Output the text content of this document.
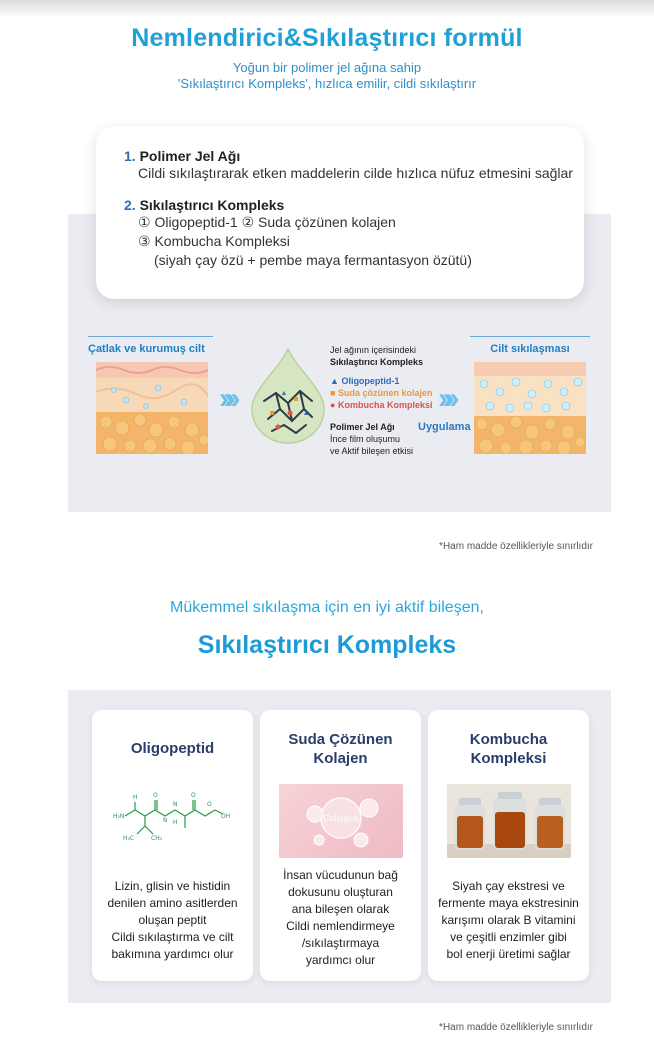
Nemlendirici&Sıkılaştırıcı formül
Yoğun bir polimer jel ağına sahip
'Sıkılaştırıcı Kompleks', hızlıca emilir, cildi sıkılaştırır
1. Polimer Jel Ağı
Cildi sıkılaştırarak etken maddelerin cilde hızlıca nüfuz etmesini sağlar
2. Sıkılaştırıcı Kompleks
① Oligopeptid-1 ② Suda çözünen kolajen
③ Kombucha Kompleksi
(siyah çay özü + pembe maya fermantasyon özütü)
Çatlak ve kurumuş cilt	Cilt sıkılaşması
»»
Jel ağının içerisindeki
Sıkılaştırıcı Kompleks
▲ Oligopeptid-1
■ Suda çözünen kolajen
● Kombucha Kompleksi
Polimer Jel Ağı
İnce film oluşumu
ve Aktif bileşen etkisi
»»
Uygulama
*Ham madde özellikleriyle sınırlıdır
Mükemmel sıkılaşma için en iyi aktif bileşen,
Sıkılaştırıcı Kompleks
Oligopeptid
H₂N
O
H
N
O
N
H
O
OH
H₃C	CH₃
Lizin, glisin ve histidin
denilen amino asitlerden
oluşan peptit
Cildi sıkılaştırma ve cilt
bakımına yardımcı olur
Suda Çözünen
Kolajen
Collagen
İnsan vücudunun bağ
dokusunu oluşturan
ana bileşen olarak
Cildi nemlendirmeye
/sıkılaştırmaya
yardımcı olur
Kombucha
Kompleksi
Siyah çay ekstresi ve
fermente maya ekstresinin
karışımı olarak B vitamini
ve çeşitli enzimler gibi
bol enerji üretimi sağlar
*Ham madde özellikleriyle sınırlıdır
